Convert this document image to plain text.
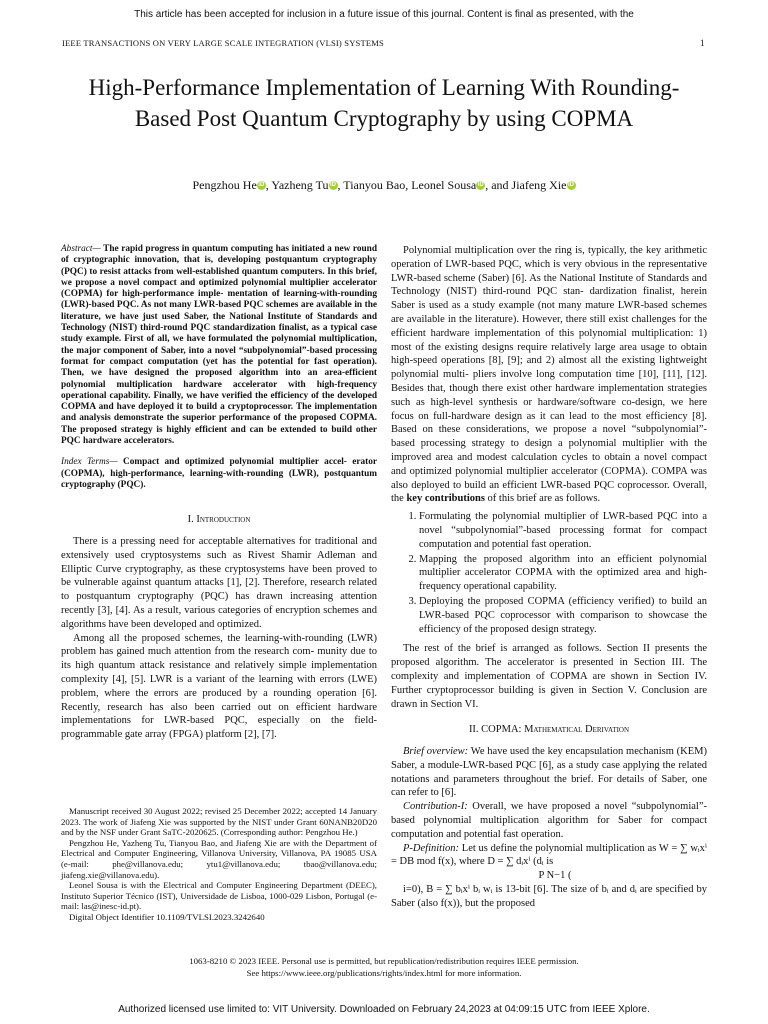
This article has been accepted for inclusion in a future issue of this journal. Content is final as presented, with the
IEEE TRANSACTIONS ON VERY LARGE SCALE INTEGRATION (VLSI) SYSTEMS	1
High-Performance Implementation of Learning With Rounding-Based Post Quantum Cryptography by using COPMA
Pengzhou He iD , Yazheng Tu iD , Tianyou Bao, Leonel Sousa iD , and Jiafeng Xie iD

Abstract— The rapid progress in quantum computing has initiated a new round of cryptographic innovation, that is, developing postquantum cryptography (PQC) to resist attacks from well-established quantum computers. In this brief, we propose a novel compact and optimized polynomial multiplier accelerator (COPMA) for high-performance imple- mentation of learning-with-rounding (LWR)-based PQC. As not many LWR-based PQC schemes are available in the literature, we have just used Saber, the National Institute of Standards and Technology (NIST) third-round PQC standardization finalist, as a typical case study example. First of all, we have formulated the polynomial multiplication, the major component of Saber, into a novel “subpolynomial”-based processing format for compact computation (yet has the potential for fast operation). Then, we have designed the proposed algorithm into an area-efficient polynomial multiplication hardware accelerator with high-frequency operational capability. Finally, we have verified the efficiency of the developed COPMA and have deployed it to build a cryptoprocessor. The implementation and analysis demonstrate the superior performance of the proposed COPMA. The proposed strategy is highly efficient and can be extended to build other PQC hardware accelerators.

Index Terms— Compact and optimized polynomial multiplier accel- erator (COPMA), high-performance, learning-with-rounding (LWR), postquantum cryptography (PQC).

I. Introduction

There is a pressing need for acceptable alternatives for traditional and extensively used cryptosystems such as Rivest Shamir Adleman and Elliptic Curve cryptography, as these cryptosystems have been proved to be vulnerable against quantum attacks [1], [2]. Therefore, research related to postquantum cryptography (PQC) has drawn increasing attention recently [3], [4]. As a result, various categories of encryption schemes and algorithms have been developed and optimized.

Among all the proposed schemes, the learning-with-rounding (LWR) problem has gained much attention from the research com- munity due to its high quantum attack resistance and relatively simple implementation complexity [4], [5]. LWR is a variant of the learning with errors (LWE) problem, where the errors are produced by a rounding operation [6]. Recently, research has also been carried out on efficient hardware implementations for LWR-based PQC, especially on the field-programmable gate array (FPGA) platform [2], [7].

Manuscript received 30 August 2022; revised 25 December 2022; accepted 14 January 2023. The work of Jiafeng Xie was supported by the NIST under Grant 60NANB20D20 and by the NSF under Grant SaTC-2020625. (Corresponding author: Pengzhou He.)

Pengzhou He, Yazheng Tu, Tianyou Bao, and Jiafeng Xie are with the Department of Electrical and Computer Engineering, Villanova University, Villanova, PA 19085 USA (e-mail: phe@villanova.edu; ytu1@villanova.edu; tbao@villanova.edu; jiafeng.xie@villanova.edu).

Leonel Sousa is with the Electrical and Computer Engineering Department (DEEC), Instituto Superior Técnico (IST), Universidade de Lisboa, 1000-029 Lisbon, Portugal (e-mail: las@inesc-id.pt).

Digital Object Identifier 10.1109/TVLSI.2023.3242640

Polynomial multiplication over the ring is, typically, the key arithmetic operation of LWR-based PQC, which is very obvious in the representative LWR-based scheme (Saber) [6]. As the National Institute of Standards and Technology (NIST) third-round PQC stan- dardization finalist, herein Saber is used as a study example (not many mature LWR-based schemes are available in the literature). However, there still exist challenges for the efficient hardware implementation of this polynomial multiplication: 1) most of the existing designs require relatively large area usage to obtain high-speed operations [8], [9]; and 2) almost all the existing lightweight polynomial multi- pliers involve long computation time [10], [11], [12]. Besides that, though there exist other hardware implementation strategies such as high-level synthesis or hardware/software co-design, we here focus on full-hardware design as it can lead to the most efficiency [8]. Based on these considerations, we propose a novel “subpolynomial”- based processing strategy to design a polynomial multiplier with the improved area and modest calculation cycles to obtain a novel compact and optimized polynomial multiplier accelerator (COPMA). COMPA was also deployed to build an efficient LWR-based PQC coprocessor. Overall, the key contributions of this brief are as follows.

1. Formulating the polynomial multiplier of LWR-based PQC into a novel “subpolynomial”-based processing format for compact computation and potential fast operation.
2. Mapping the proposed algorithm into an efficient polynomial multiplier accelerator COPMA with the optimized area and high-frequency operational capability.
3. Deploying the proposed COPMA (efficiency verified) to build an LWR-based PQC coprocessor with comparison to showcase the efficiency of the proposed design strategy.

The rest of the brief is arranged as follows. Section II presents the proposed algorithm. The accelerator is presented in Section III. The complexity and implementation of COPMA are shown in Section IV. Further cryptoprocessor building is given in Section V. Conclusion are drawn in Section VI.

II. COPMA: Mathematical Derivation

Brief overview: We have used the key encapsulation mechanism (KEM) Saber, a module-LWR-based PQC [6], as a study case applying the related notations and parameters throughout the brief. For details of Saber, one can refer to [6].

Contribution-I: Overall, we have proposed a novel “subpolynomial”-based polynomial multiplication algorithm for Saber for compact computation and potential fast operation.

P-Definition: Let us define the polynomial multiplication as W = ∑ wᵢxⁱ = DB mod f(x), where D = ∑ dᵢxⁱ (dᵢ is

P N−1 (

i=0), B = ∑ bᵢxⁱ bᵢ wᵢ is 13-bit [6]. The size of bᵢ and dᵢ are specified by Saber (also f(x)), but the proposed

1063-8210 © 2023 IEEE. Personal use is permitted, but republication/redistribution requires IEEE permission.
See https://www.ieee.org/publications/rights/index.html for more information.
Authorized licensed use limited to: VIT University. Downloaded on February 24,2023 at 04:09:15 UTC from IEEE Xplore.
